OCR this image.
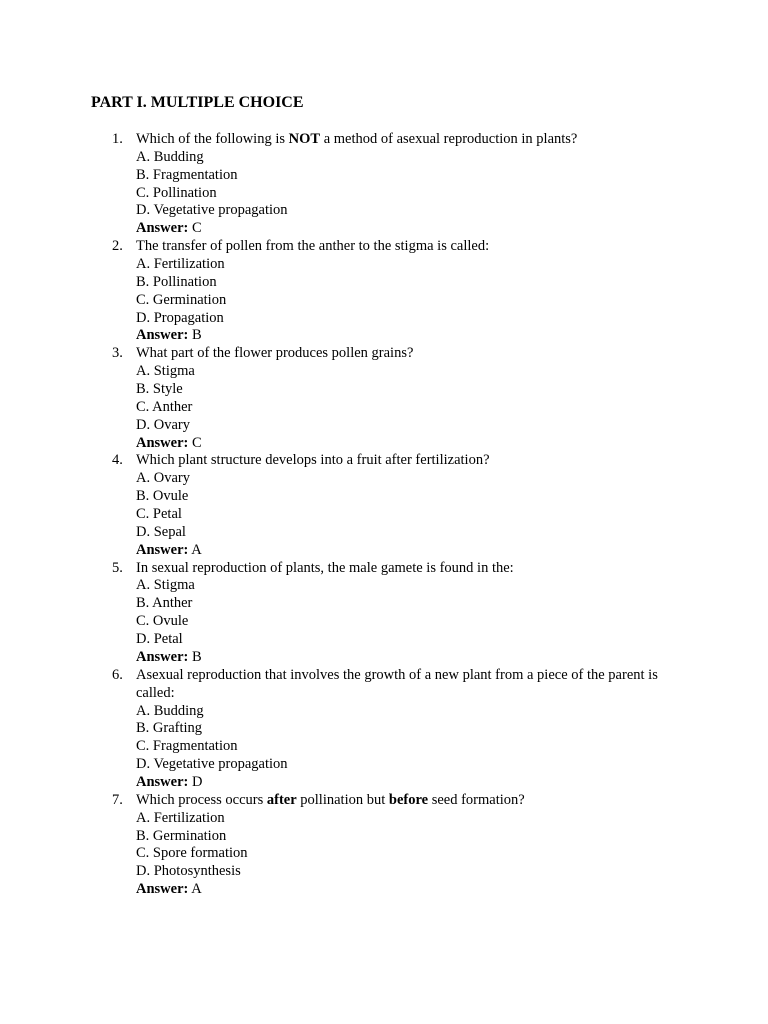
PART I. MULTIPLE CHOICE
1. Which of the following is NOT a method of asexual reproduction in plants?
A. Budding
B. Fragmentation
C. Pollination
D. Vegetative propagation
Answer: C
2. The transfer of pollen from the anther to the stigma is called:
A. Fertilization
B. Pollination
C. Germination
D. Propagation
Answer: B
3. What part of the flower produces pollen grains?
A. Stigma
B. Style
C. Anther
D. Ovary
Answer: C
4. Which plant structure develops into a fruit after fertilization?
A. Ovary
B. Ovule
C. Petal
D. Sepal
Answer: A
5. In sexual reproduction of plants, the male gamete is found in the:
A. Stigma
B. Anther
C. Ovule
D. Petal
Answer: B
6. Asexual reproduction that involves the growth of a new plant from a piece of the parent is called:
A. Budding
B. Grafting
C. Fragmentation
D. Vegetative propagation
Answer: D
7. Which process occurs after pollination but before seed formation?
A. Fertilization
B. Germination
C. Spore formation
D. Photosynthesis
Answer: A
